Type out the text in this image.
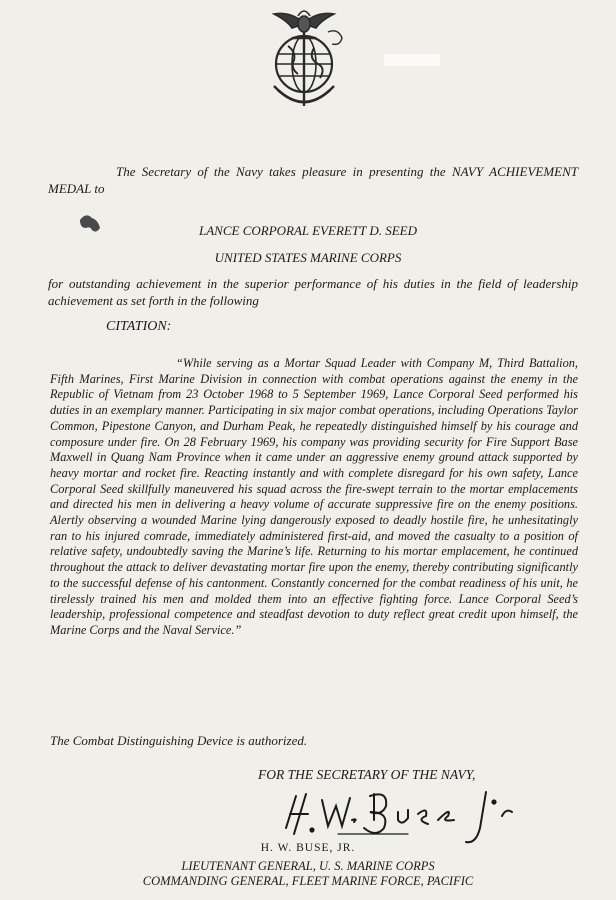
The Secretary of the Navy takes pleasure in presenting the NAVY ACHIEVEMENT MEDAL to

LANCE CORPORAL EVERETT D. SEED

UNITED STATES MARINE CORPS

for outstanding achievement in the superior performance of his duties in the field of leadership achievement as set forth in the following

CITATION:

“While serving as a Mortar Squad Leader with Company M, Third Battalion, Fifth Marines, First Marine Division in connection with combat operations against the enemy in the Republic of Vietnam from 23 October 1968 to 5 September 1969, Lance Corporal Seed performed his duties in an exemplary manner. Participating in six major combat operations, including Operations Taylor Common, Pipestone Canyon, and Durham Peak, he repeatedly distinguished himself by his courage and composure under fire. On 28 February 1969, his company was providing security for Fire Support Base Maxwell in Quang Nam Province when it came under an aggressive enemy ground attack supported by heavy mortar and rocket fire. Reacting instantly and with complete disregard for his own safety, Lance Corporal Seed skillfully maneuvered his squad across the fire-swept terrain to the mortar emplacements and directed his men in delivering a heavy volume of accurate suppressive fire on the enemy positions. Alertly observing a wounded Marine lying dangerously exposed to deadly hostile fire, he unhesitatingly ran to his injured comrade, immediately administered first-aid, and moved the casualty to a position of relative safety, undoubtedly saving the Marine’s life. Returning to his mortar emplacement, he continued throughout the attack to deliver devastating mortar fire upon the enemy, thereby contributing significantly to the successful defense of his cantonment. Constantly concerned for the combat readiness of his unit, he tirelessly trained his men and molded them into an effective fighting force. Lance Corporal Seed’s leadership, professional competence and steadfast devotion to duty reflect great credit upon himself, the Marine Corps and the Naval Service.”

The Combat Distinguishing Device is authorized.

FOR THE SECRETARY OF THE NAVY,

H. W. BUSE, JR.

LIEUTENANT GENERAL, U. S. MARINE CORPS

COMMANDING GENERAL, FLEET MARINE FORCE, PACIFIC
